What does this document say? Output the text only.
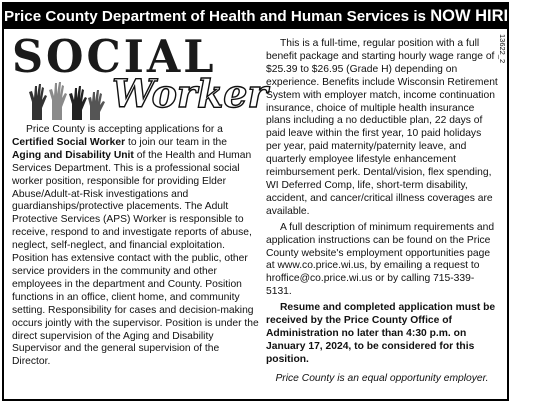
Price County Department of Health and Human Services is NOW HIRING
13622_2
SOCIAL
Worker

Price County is accepting applications for a Certified Social Worker to join our team in the Aging and Disability Unit of the Health and Human Services Department. This is a professional social worker position, responsible for providing Elder Abuse/Adult-at-Risk investigations and guardianships/protective placements. The Adult Protective Services (APS) Worker is responsible to receive, respond to and investigate reports of abuse, neglect, self-neglect, and financial exploitation. Position has extensive contact with the public, other service providers in the community and other employees in the department and County. Position functions in an office, client home, and community setting. Responsibility for cases and decision-making occurs jointly with the supervisor. Position is under the direct supervision of the Aging and Disability Supervisor and the general supervision of the Director.

This is a full-time, regular position with a full benefit package and starting hourly wage range of $25.39 to $26.95 (Grade H) depending on experience. Benefits include Wisconsin Retirement System with employer match, income continuation insurance, choice of multiple health insurance plans including a no deductible plan, 22 days of paid leave within the first year, 10 paid holidays per year, paid maternity/paternity leave, and quarterly employee lifestyle enhancement reimbursement perk. Dental/vision, flex spending, WI Deferred Comp, life, short-term disability, accident, and cancer/critical illness coverages are available.

A full description of minimum requirements and application instructions can be found on the Price County website's employment opportunities page at www.co.price.wi.us, by emailing a request to hroffice@co.price.wi.us or by calling 715-339-5131.

Resume and completed application must be received by the Price County Office of Administration no later than 4:30 p.m. on January 17, 2024, to be considered for this position.

Price County is an equal opportunity employer.
